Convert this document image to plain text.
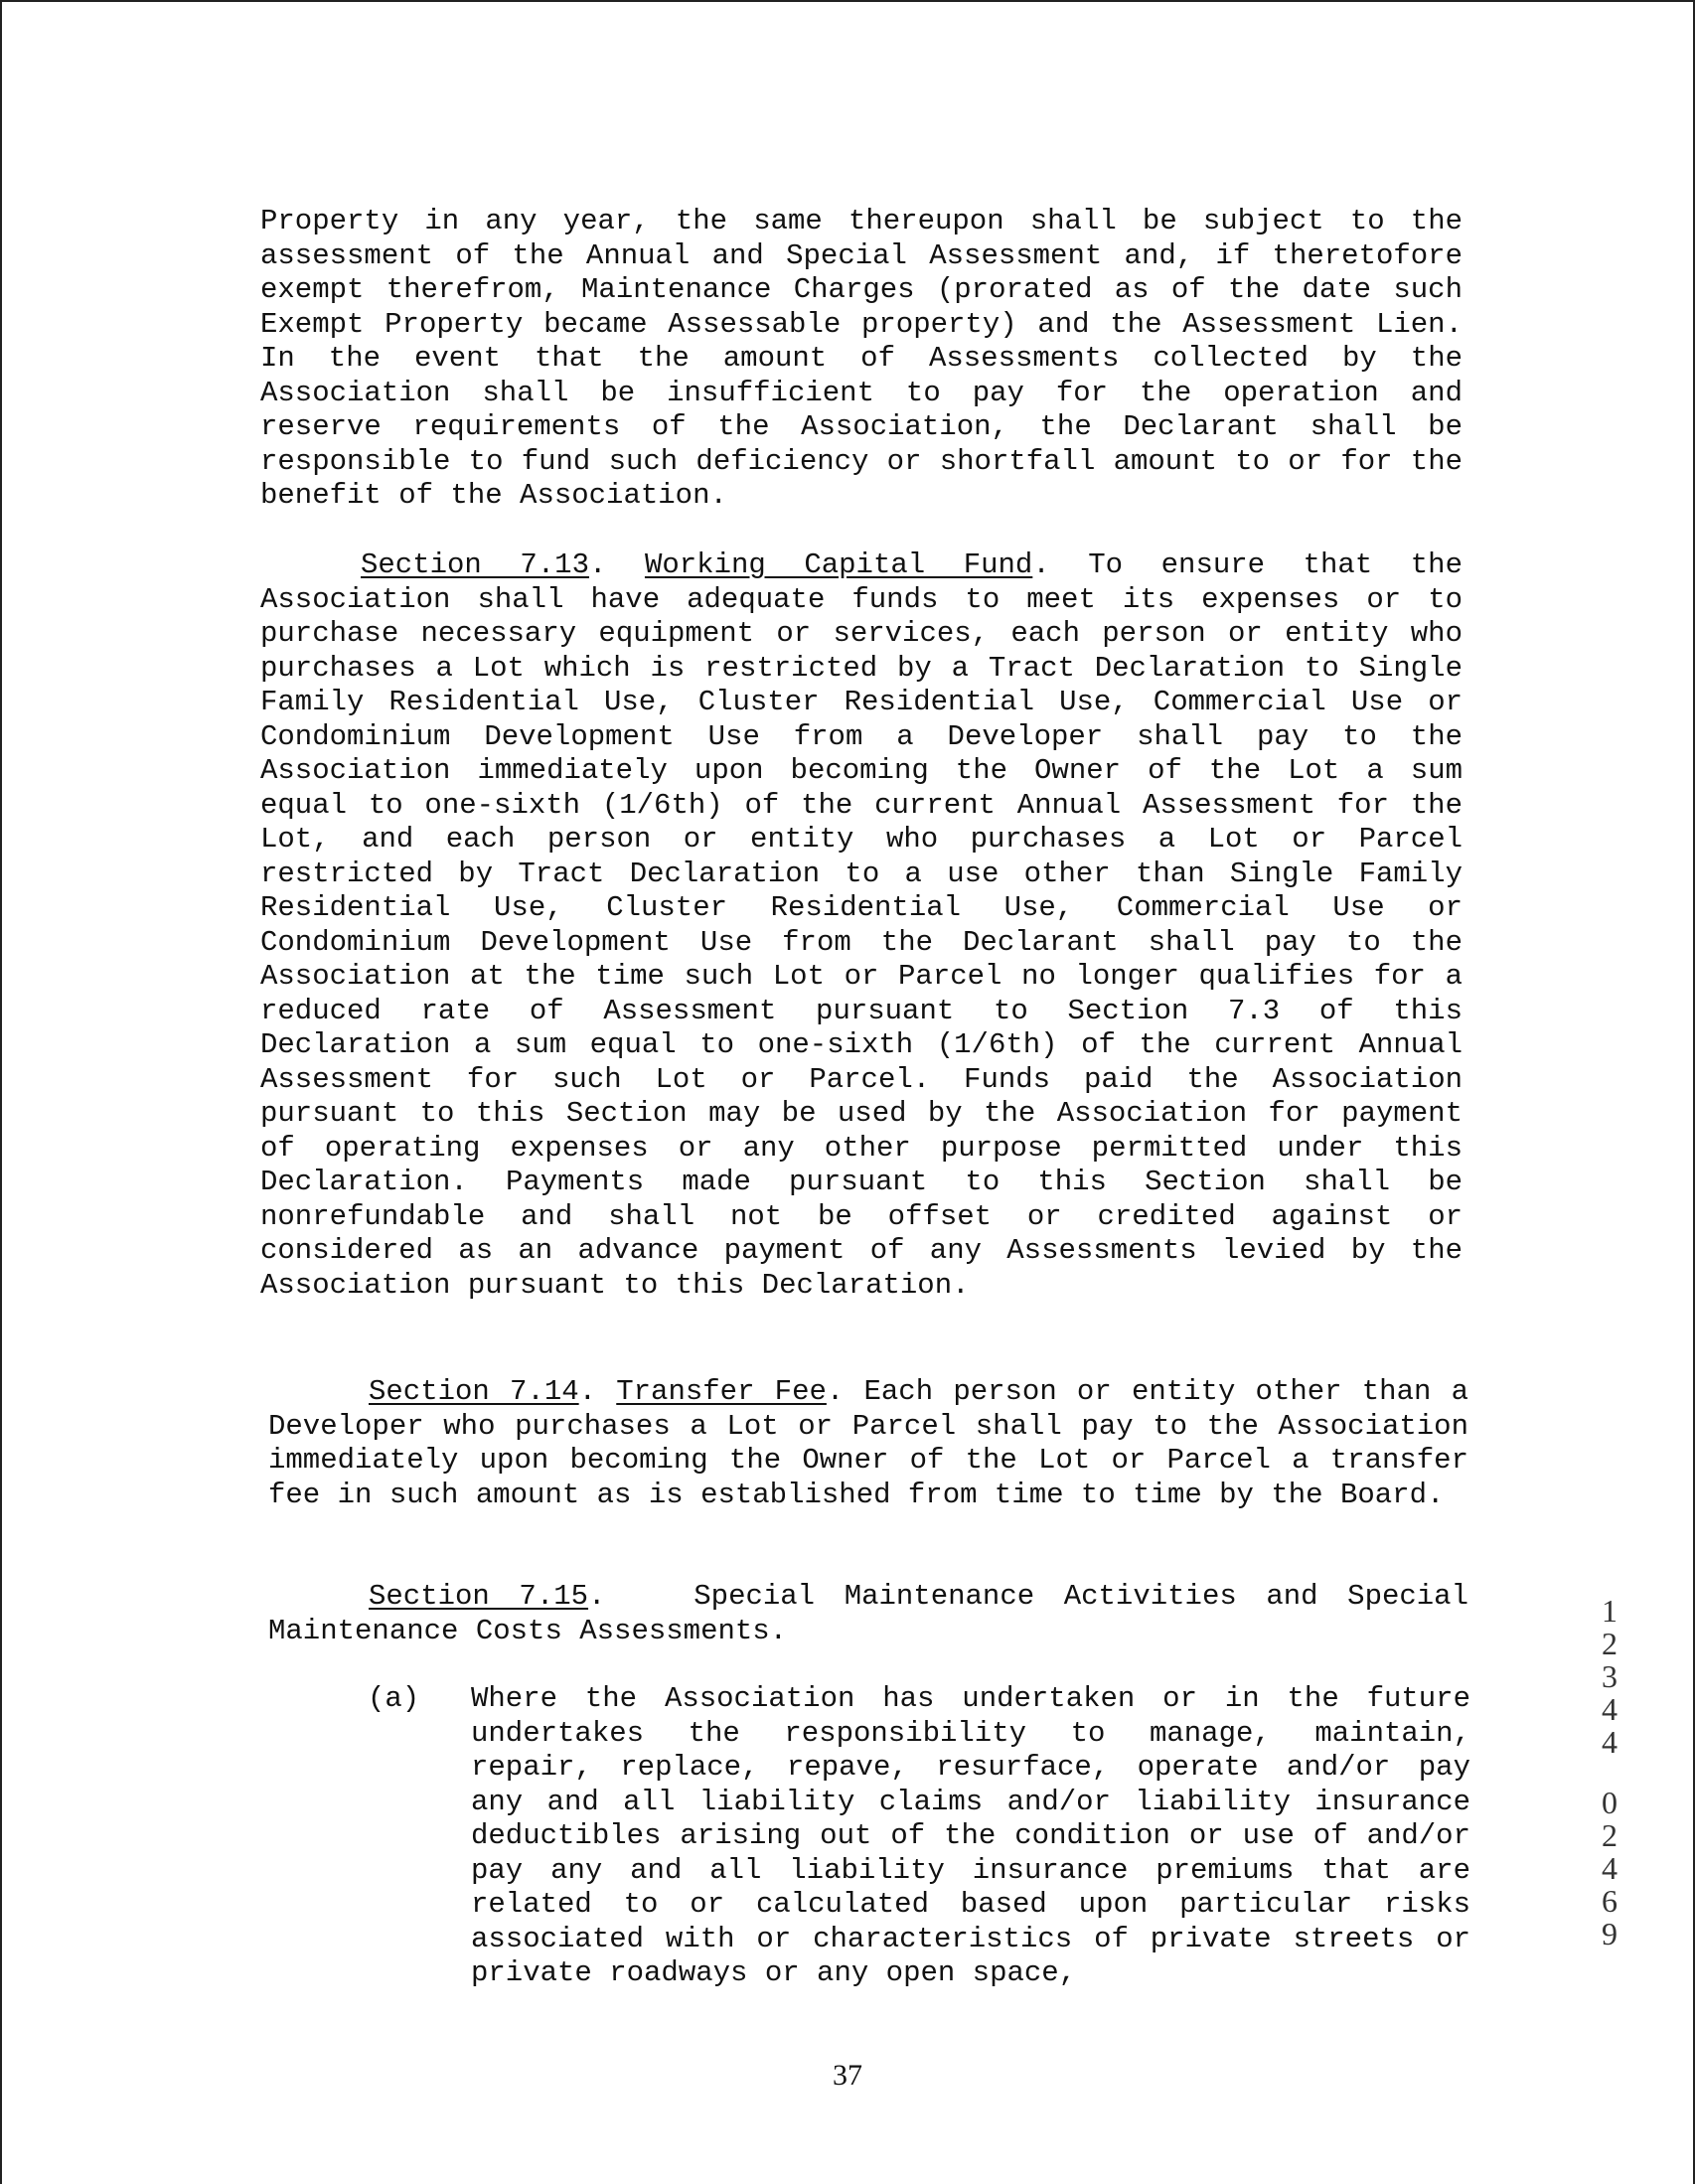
Property in any year, the same thereupon shall be subject to the assessment of the Annual and Special Assessment and, if theretofore exempt therefrom, Maintenance Charges (prorated as of the date such Exempt Property became Assessable property) and the Assessment Lien. In the event that the amount of Assessments collected by the Association shall be insufficient to pay for the operation and reserve requirements of the Association, the Declarant shall be responsible to fund such deficiency or shortfall amount to or for the benefit of the Association.

Section 7.13. Working Capital Fund. To ensure that the Association shall have adequate funds to meet its expenses or to purchase necessary equipment or services, each person or entity who purchases a Lot which is restricted by a Tract Declaration to Single Family Residential Use, Cluster Residential Use, Commercial Use or Condominium Development Use from a Developer shall pay to the Association immediately upon becoming the Owner of the Lot a sum equal to one-sixth (1/6th) of the current Annual Assessment for the Lot, and each person or entity who purchases a Lot or Parcel restricted by Tract Declaration to a use other than Single Family Residential Use, Cluster Residential Use, Commercial Use or Condominium Development Use from the Declarant shall pay to the Association at the time such Lot or Parcel no longer qualifies for a reduced rate of Assessment pursuant to Section 7.3 of this Declaration a sum equal to one-sixth (1/6th) of the current Annual Assessment for such Lot or Parcel. Funds paid the Association pursuant to this Section may be used by the Association for payment of operating expenses or any other purpose permitted under this Declaration. Payments made pursuant to this Section shall be nonrefundable and shall not be offset or credited against or considered as an advance payment of any Assessments levied by the Association pursuant to this Declaration.

Section 7.14. Transfer Fee. Each person or entity other than a Developer who purchases a Lot or Parcel shall pay to the Association immediately upon becoming the Owner of the Lot or Parcel a transfer fee in such amount as is established from time to time by the Board.

Section 7.15.   Special Maintenance Activities and Special Maintenance Costs Assessments.

(a)	Where the Association has undertaken or in the future undertakes the responsibility to manage, maintain, repair, replace, repave, resurface, operate and/or pay any and all liability claims and/or liability insurance deductibles arising out of the condition or use of and/or pay any and all liability insurance premiums that are related to or calculated based upon particular risks associated with or characteristics of private streets or private roadways or any open space,
1
2
3
4
4
0
2
4
6
9
37
